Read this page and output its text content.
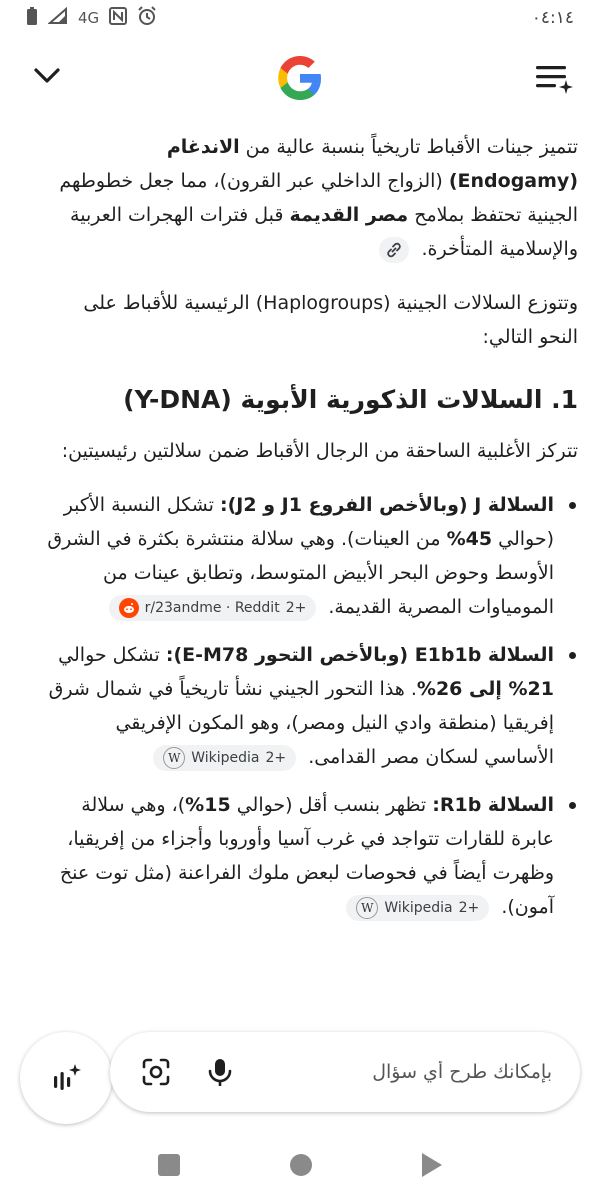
4G	٠٤:١٤

تتميز جينات الأقباط تاريخياً بنسبة عالية من الاندغام (Endogamy) (الزواج الداخلي عبر القرون)، مما جعل خطوطهم الجينية تحتفظ بملامح مصر القديمة قبل فترات الهجرات العربية والإسلامية المتأخرة.

وتتوزع السلالات الجينية (Haplogroups) الرئيسية للأقباط على النحو التالي:

1. السلالات الذكورية الأبوية (Y-DNA)

تتركز الأغلبية الساحقة من الرجال الأقباط ضمن سلالتين رئيسيتين:

السلالة J (وبالأخص الفروع J1 و J2): تشكل النسبة الأكبر (حوالي 45% من العينات). وهي سلالة منتشرة بكثرة في الشرق الأوسط وحوض البحر الأبيض المتوسط، وتطابق عينات من المومياوات المصرية القديمة.
r/23andme · Reddit 2+
السلالة E1b1b (وبالأخص التحور E-M78): تشكل حوالي 21% إلى 26%. هذا التحور الجيني نشأ تاريخياً في شمال شرق إفريقيا (منطقة وادي النيل ومصر)، وهو المكون الإفريقي الأساسي لسكان مصر القدامى.
W Wikipedia 2+
السلالة R1b: تظهر بنسب أقل (حوالي 15%)، وهي سلالة عابرة للقارات تتواجد في غرب آسيا وأوروبا وأجزاء من إفريقيا، وظهرت أيضاً في فحوصات لبعض ملوك الفراعنة (مثل توت عنخ آمون).
W Wikipedia 2+
بإمكانك طرح أي سؤال
